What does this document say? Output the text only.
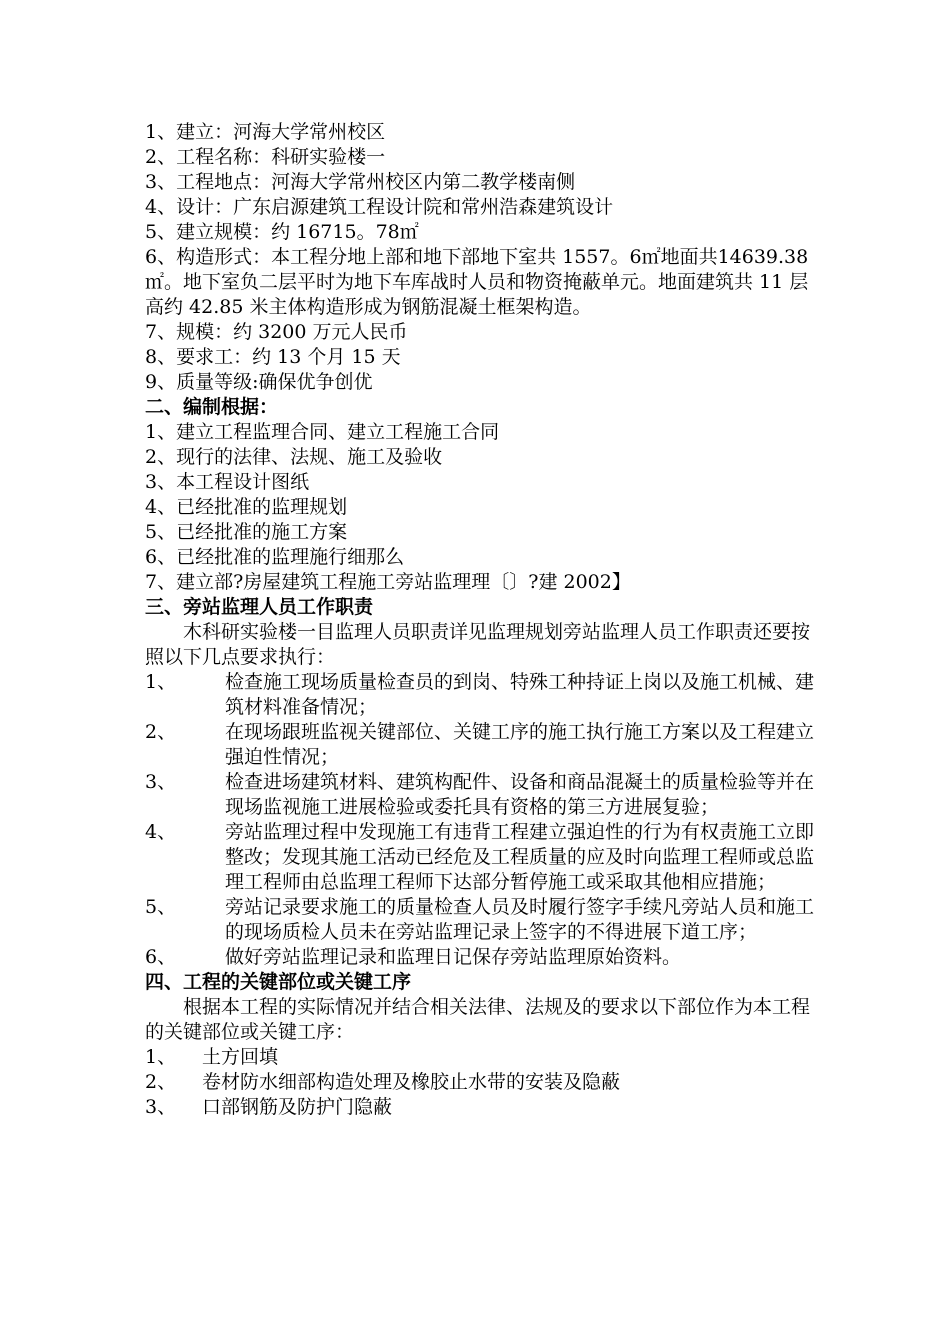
1、建立：河海大学常州校区
2、工程名称：科研实验楼一
3、工程地点：河海大学常州校区内第二教学楼南侧
4、设计：广东启源建筑工程设计院和常州浩森建筑设计
5、建立规模：约 16715。78㎡
6、构造形式：本工程分地上部和地下部地下室共 1557。6㎡地面共14639.38㎡。地下室负二层平时为地下车库战时人员和物资掩蔽单元。地面建筑共 11 层高约 42.85 米主体构造形成为钢筋混凝土框架构造。
7、规模：约 3200 万元人民币
8、要求工：约 13 个月 15 天
9、质量等级:确保优争创优
二、编制根据：
1、建立工程监理合同、建立工程施工合同
2、现行的法律、法规、施工及验收
3、本工程设计图纸
4、已经批准的监理规划
5、已经批准的施工方案
6、已经批准的监理施行细那么
7、建立部?房屋建筑工程施工旁站监理理〔〕?建 2002】
三、旁站监理人员工作职责
木科研实验楼一目监理人员职责详见监理规划旁站监理人员工作职责还要按照以下几点要求执行：
1、	检查施工现场质量检查员的到岗、特殊工种持证上岗以及施工机械、建筑材料准备情况；
2、	在现场跟班监视关键部位、关键工序的施工执行施工方案以及工程建立强迫性情况；
3、	检查进场建筑材料、建筑构配件、设备和商品混凝土的质量检验等并在现场监视施工进展检验或委托具有资格的第三方进展复验；
4、	旁站监理过程中发现施工有违背工程建立强迫性的行为有权责施工立即整改；发现其施工活动已经危及工程质量的应及时向监理工程师或总监理工程师由总监理工程师下达部分暂停施工或采取其他相应措施；
5、	旁站记录要求施工的质量检查人员及时履行签字手续凡旁站人员和施工的现场质检人员未在旁站监理记录上签字的不得进展下道工序；
6、	做好旁站监理记录和监理日记保存旁站监理原始资料。
四、工程的关键部位或关键工序
根据本工程的实际情况并结合相关法律、法规及的要求以下部位作为本工程的关键部位或关键工序：
1、	土方回填
2、	卷材防水细部构造处理及橡胶止水带的安装及隐蔽
3、	口部钢筋及防护门隐蔽
